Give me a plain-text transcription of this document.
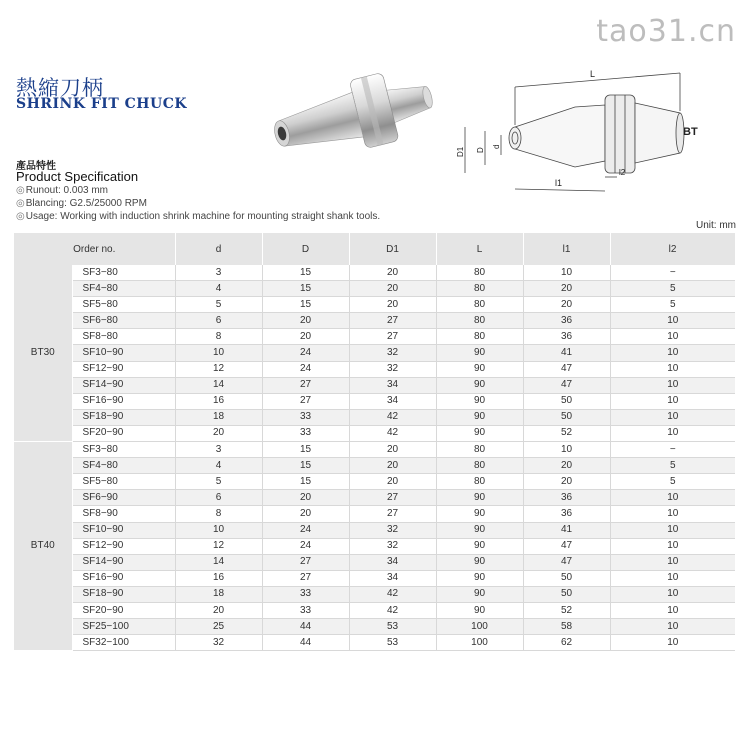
tao31.cn
熱縮刀柄
SHRINK FIT CHUCK
L
BT
l1
l2
D1 D
d
產品特性
Product Specification
◎Runout: 0.003 mm
◎Blancing: G2.5/25000 RPM
◎Usage: Working with induction shrink machine for mounting straight shank tools.
Unit: mm
Order no.		d	D	D1	L	l1	l2
BT30	SF3−80	3	15	20	80	10	−
	SF4−80	4	15	20	80	20	5
	SF5−80	5	15	20	80	20	5
	SF6−80	6	20	27	80	36	10
	SF8−80	8	20	27	80	36	10
	SF10−90	10	24	32	90	41	10
	SF12−90	12	24	32	90	47	10
	SF14−90	14	27	34	90	47	10
	SF16−90	16	27	34	90	50	10
	SF18−90	18	33	42	90	50	10
	SF20−90	20	33	42	90	52	10
BT40	SF3−80	3	15	20	80	10	−
	SF4−80	4	15	20	80	20	5
	SF5−80	5	15	20	80	20	5
	SF6−90	6	20	27	90	36	10
	SF8−90	8	20	27	90	36	10
	SF10−90	10	24	32	90	41	10
	SF12−90	12	24	32	90	47	10
	SF14−90	14	27	34	90	47	10
	SF16−90	16	27	34	90	50	10
	SF18−90	18	33	42	90	50	10
	SF20−90	20	33	42	90	52	10
	SF25−100	25	44	53	100	58	10
	SF32−100	32	44	53	100	62	10
